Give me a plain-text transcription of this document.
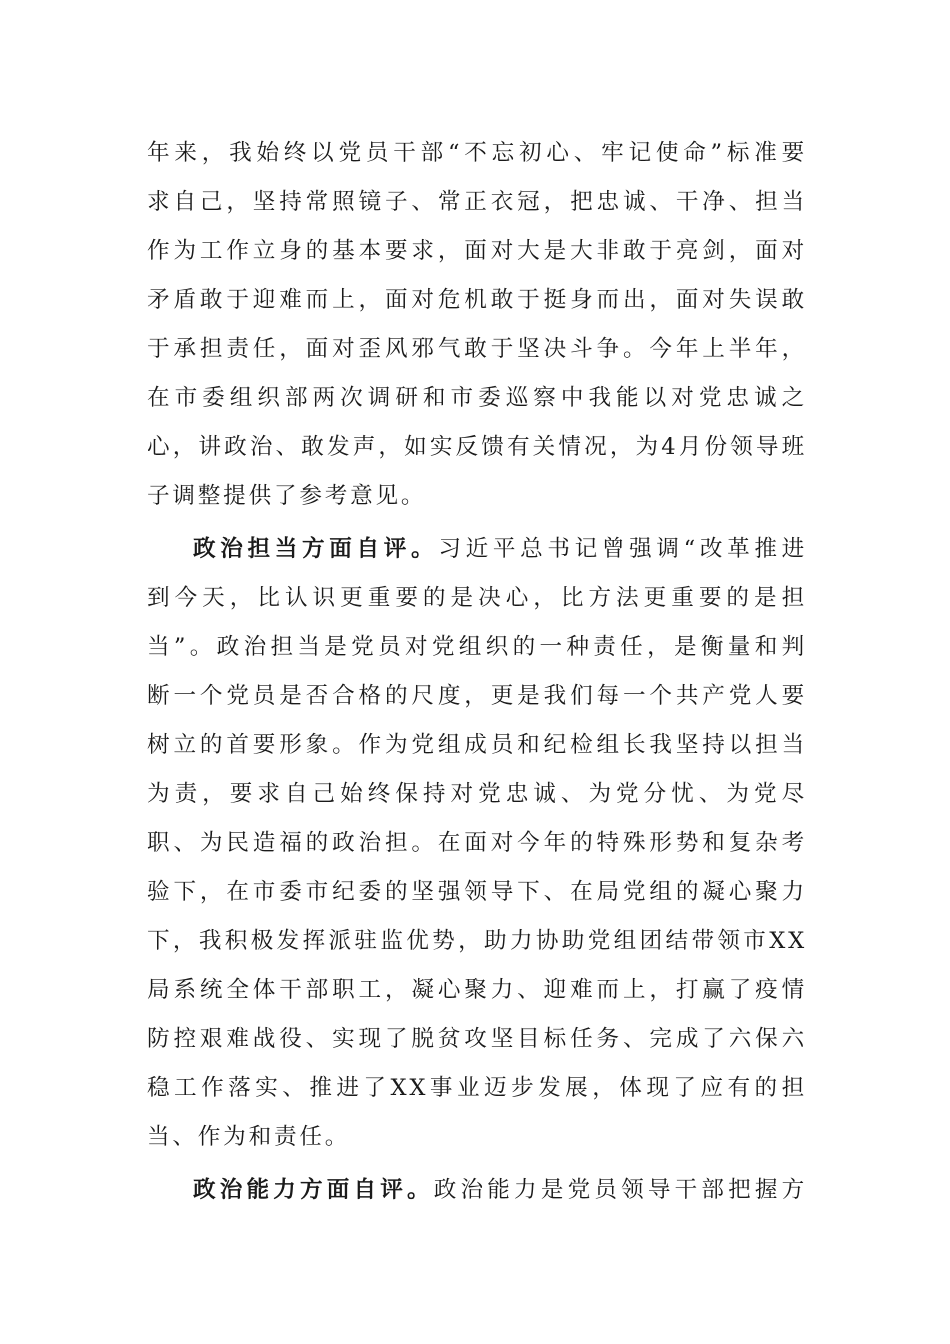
年来，我始终以党员干部“不忘初心、牢记使命”标准要
求自己，坚持常照镜子、常正衣冠，把忠诚、干净、担当
作为工作立身的基本要求，面对大是大非敢于亮剑，面对
矛盾敢于迎难而上，面对危机敢于挺身而出，面对失误敢
于承担责任，面对歪风邪气敢于坚决斗争。今年上半年，
在市委组织部两次调研和市委巡察中我能以对党忠诚之
心，讲政治、敢发声，如实反馈有关情况，为4月份领导班
子调整提供了参考意见。
政治担当方面自评。习近平总书记曾强调“改革推进
到今天，比认识更重要的是决心，比方法更重要的是担
当”。政治担当是党员对党组织的一种责任，是衡量和判
断一个党员是否合格的尺度，更是我们每一个共产党人要
树立的首要形象。作为党组成员和纪检组长我坚持以担当
为责，要求自己始终保持对党忠诚、为党分忧、为党尽
职、为民造福的政治担。在面对今年的特殊形势和复杂考
验下，在市委市纪委的坚强领导下、在局党组的凝心聚力
下，我积极发挥派驻监优势，助力协助党组团结带领市XX
局系统全体干部职工，凝心聚力、迎难而上，打赢了疫情
防控艰难战役、实现了脱贫攻坚目标任务、完成了六保六
稳工作落实、推进了XX事业迈步发展，体现了应有的担
当、作为和责任。
政治能力方面自评。政治能力是党员领导干部把握方
